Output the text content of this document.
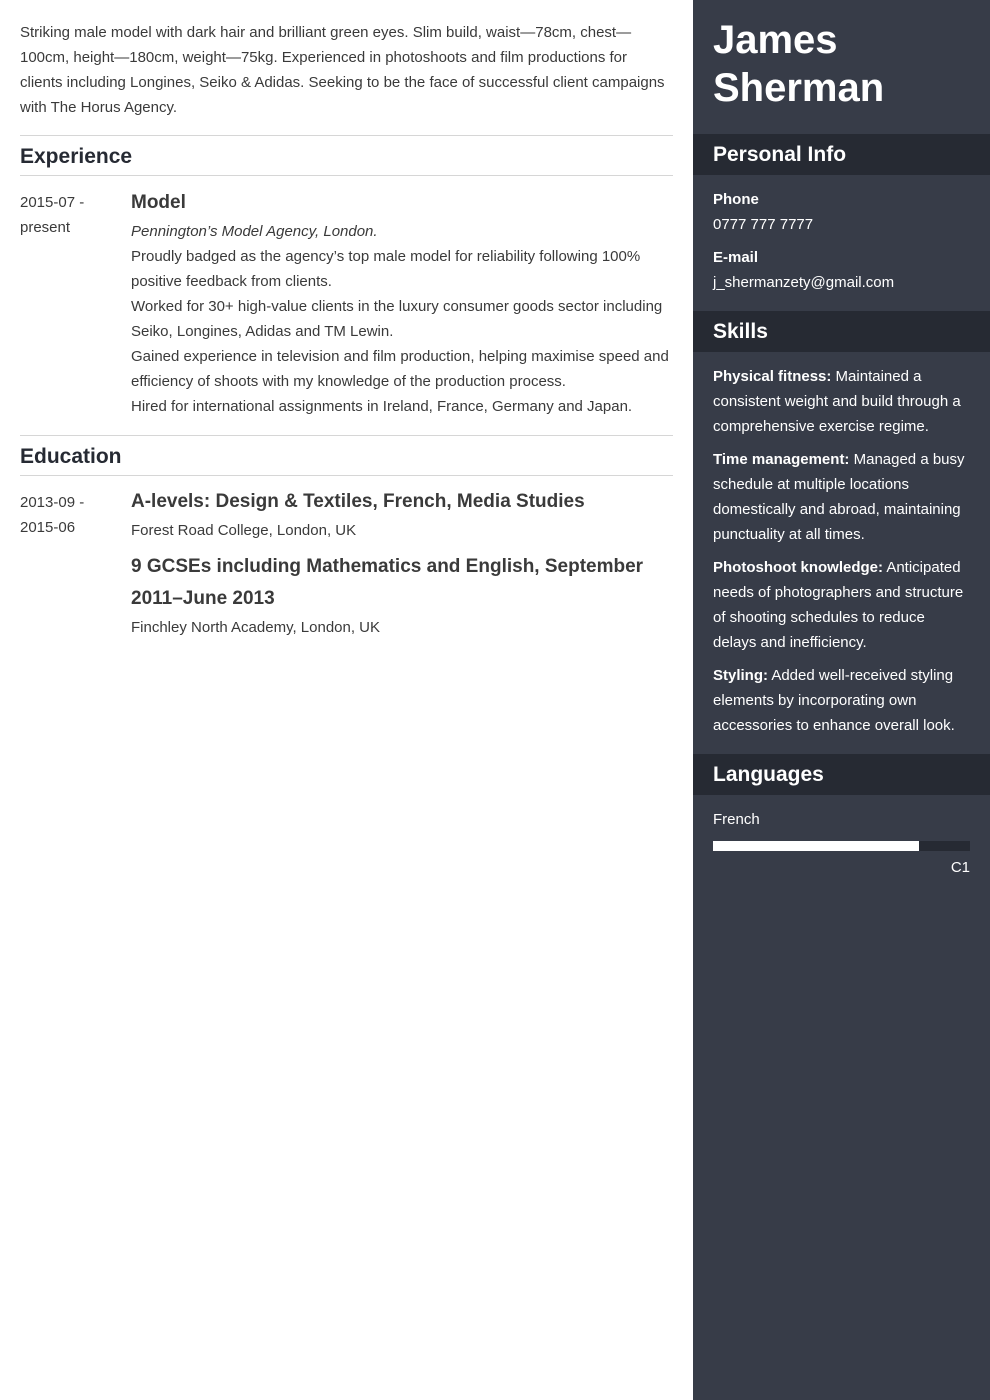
Striking male model with dark hair and brilliant green eyes. Slim build, waist—78cm, chest—100cm, height—180cm, weight—75kg. Experienced in photoshoots and film productions for clients including Longines, Seiko & Adidas. Seeking to be the face of successful client campaigns with The Horus Agency.

Experience
2015-07 -
present
Model
Pennington’s Model Agency, London.
Proudly badged as the agency’s top male model for reliability following 100% positive feedback from clients.
Worked for 30+ high-value clients in the luxury consumer goods sector including Seiko, Longines, Adidas and TM Lewin.
Gained experience in television and film production, helping maximise speed and efficiency of shoots with my knowledge of the production process.
Hired for international assignments in Ireland, France, Germany and Japan.
Education
2013-09 -
2015-06
A-levels: Design & Textiles, French, Media Studies
Forest Road College, London, UK
9 GCSEs including Mathematics and English, September 2011–June 2013
Finchley North Academy, London, UK
James
Sherman
Personal Info
Phone
0777 777 7777
E-mail
j_shermanzety@gmail.com
Skills

Physical fitness: Maintained a consistent weight and build through a comprehensive exercise regime.

Time management: Managed a busy schedule at multiple locations domestically and abroad, maintaining punctuality at all times.

Photoshoot knowledge: Anticipated needs of photographers and structure of shooting schedules to reduce delays and inefficiency.

Styling: Added well-received styling elements by incorporating own accessories to enhance overall look.

Languages
French
C1
